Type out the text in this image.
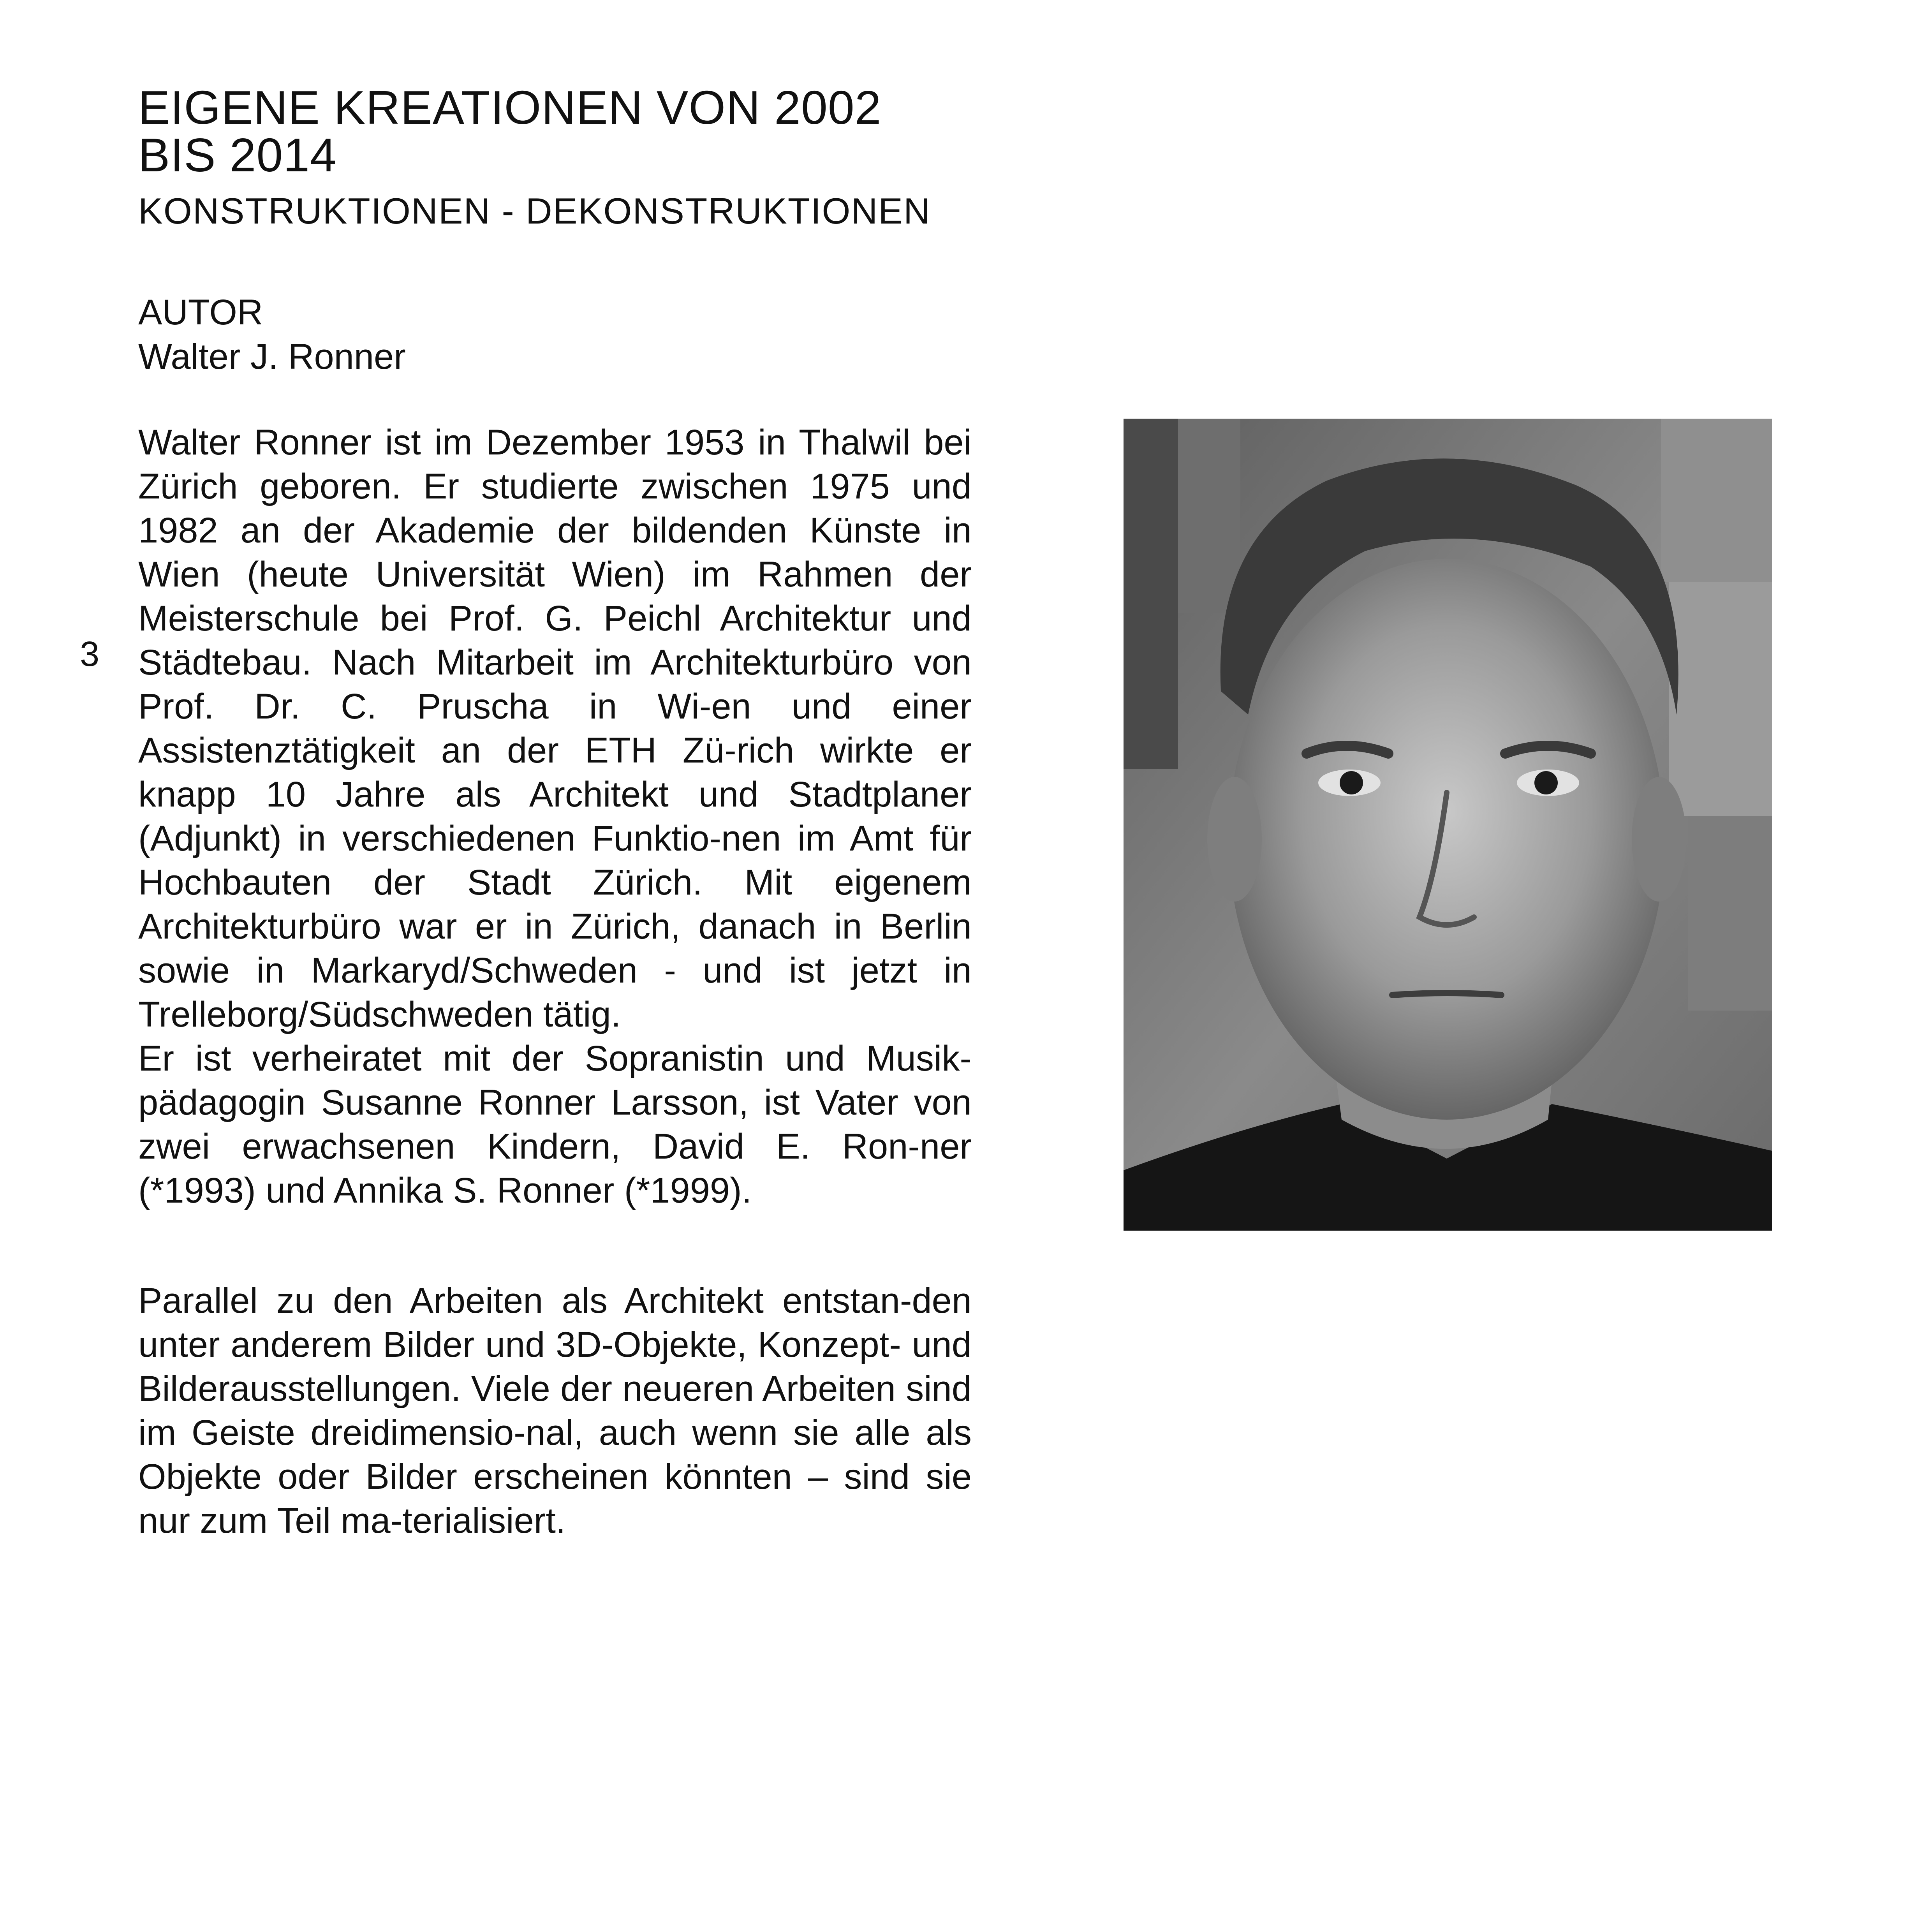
EIGENE KREATIONEN VON 2002
BIS 2014

KONSTRUKTIONEN - DEKONSTRUKTIONEN

AUTOR

Walter J. Ronner

3

Walter Ronner ist im Dezember 1953 in Thalwil bei Zürich geboren. Er studierte zwischen 1975 und 1982 an der Akademie der bildenden Künste in Wien (heute Universität Wien) im Rahmen der Meisterschule bei Prof. G. Peichl Architektur und Städtebau. Nach Mitarbeit im Architekturbüro von Prof. Dr. C. Pruscha in Wi-en und einer Assistenztätigkeit an der ETH Zü-rich wirkte er knapp 10 Jahre als Architekt und Stadtplaner (Adjunkt) in verschiedenen Funktio-nen im Amt für Hochbauten der Stadt Zürich. Mit eigenem Architekturbüro war er in Zürich, danach in Berlin sowie in Markaryd/Schweden - und ist jetzt in Trelleborg/Südschweden tätig.

Er ist verheiratet mit der Sopranistin und Musik-pädagogin Susanne Ronner Larsson, ist Vater von zwei erwachsenen Kindern, David E. Ron-ner (*1993) und Annika S. Ronner (*1999).

Parallel zu den Arbeiten als Architekt entstan-den unter anderem Bilder und 3D-Objekte, Konzept- und Bilderausstellungen. Viele der neueren Arbeiten sind im Geiste dreidimensio-nal, auch wenn sie alle als Objekte oder Bilder erscheinen könnten – sind sie nur zum Teil ma-terialisiert.
